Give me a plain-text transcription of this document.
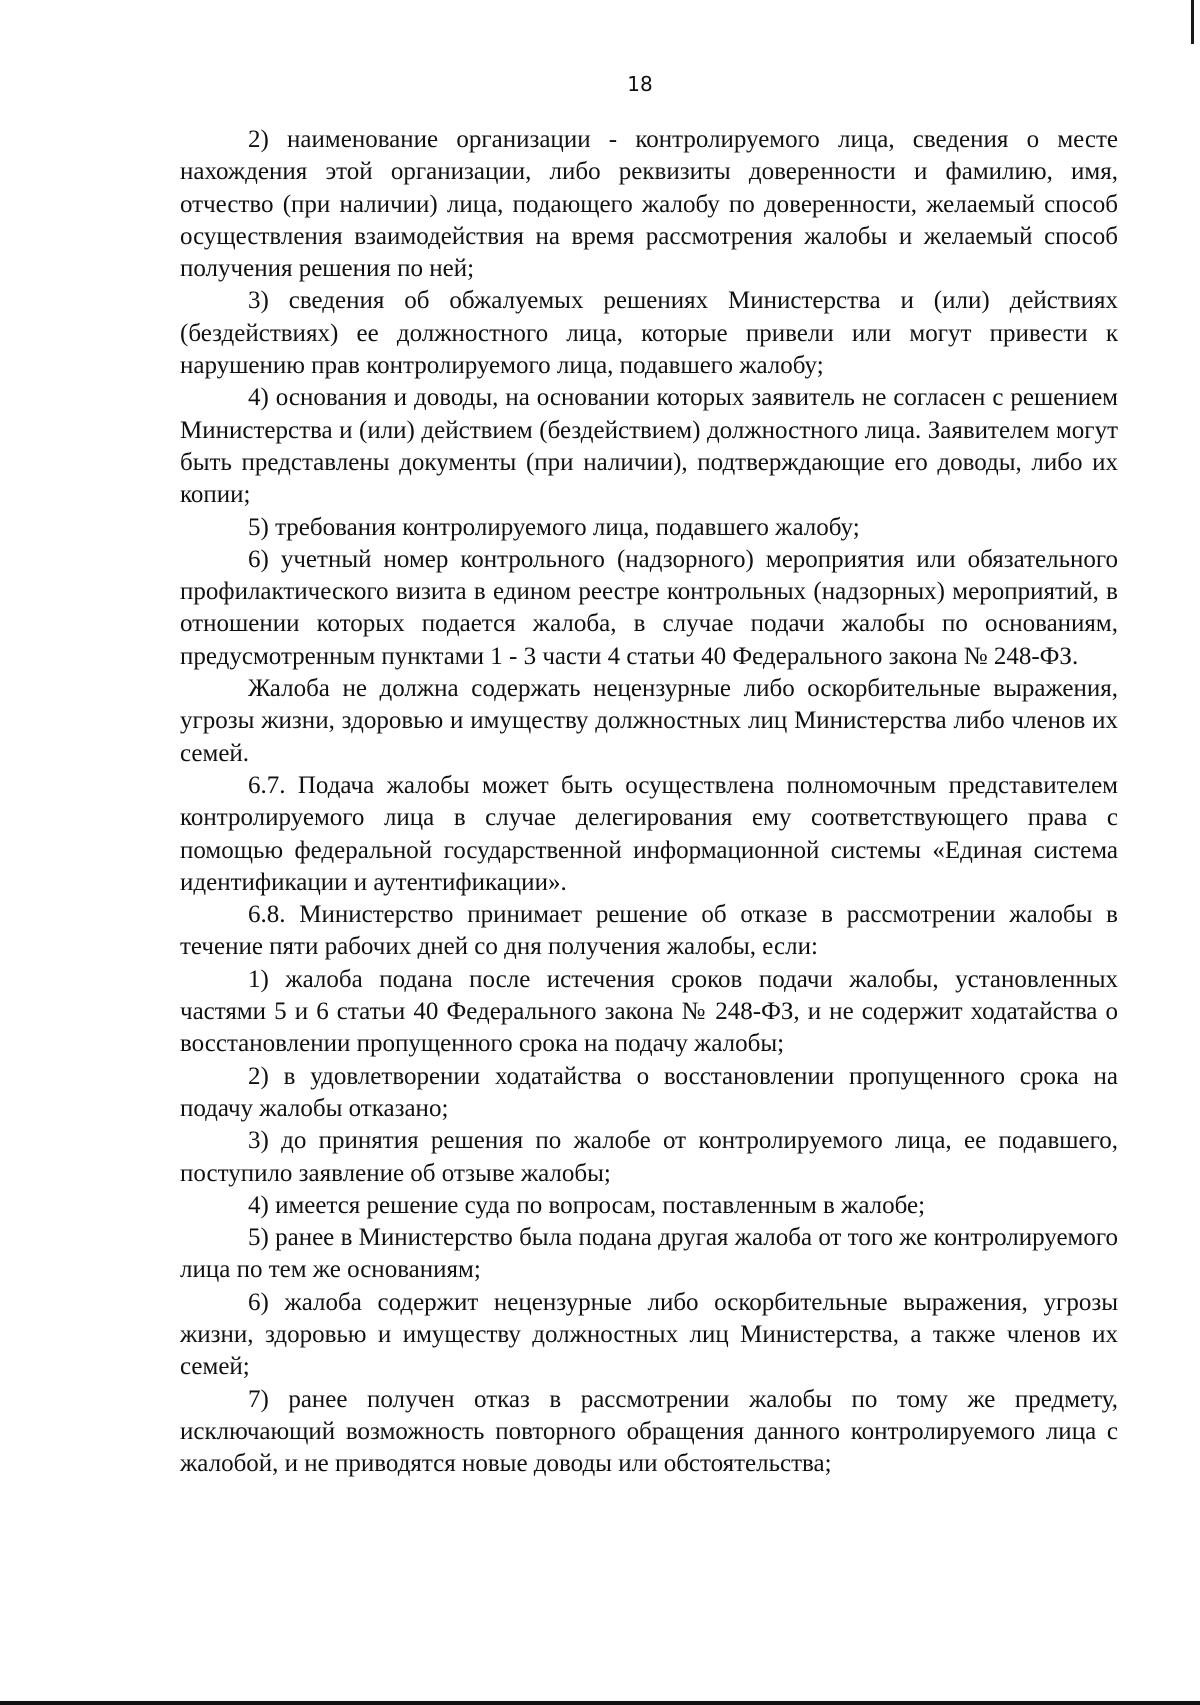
18

2) наименование организации - контролируемого лица, сведения о месте нахождения этой организации, либо реквизиты доверенности и фамилию, имя, отчество (при наличии) лица, подающего жалобу по доверенности, желаемый способ осуществления взаимодействия на время рассмотрения жалобы и желаемый способ получения решения по ней;

3) сведения об обжалуемых решениях Министерства и (или) действиях (бездействиях) ее должностного лица, которые привели или могут привести к нарушению прав контролируемого лица, подавшего жалобу;

4) основания и доводы, на основании которых заявитель не согласен с решением Министерства и (или) действием (бездействием) должностного лица. Заявителем могут быть представлены документы (при наличии), подтверждающие его доводы, либо их копии;

5) требования контролируемого лица, подавшего жалобу;

6) учетный номер контрольного (надзорного) мероприятия или обязательного профилактического визита в едином реестре контрольных (надзорных) мероприятий, в отношении которых подается жалоба, в случае подачи жалобы по основаниям, предусмотренным пунктами 1 - 3 части 4 статьи 40 Федерального закона № 248-ФЗ.

Жалоба не должна содержать нецензурные либо оскорбительные выражения, угрозы жизни, здоровью и имуществу должностных лиц Министерства либо членов их семей.

6.7. Подача жалобы может быть осуществлена полномочным представителем контролируемого лица в случае делегирования ему соответствующего права с помощью федеральной государственной информационной системы «Единая система идентификации и аутентификации».

6.8. Министерство принимает решение об отказе в рассмотрении жалобы в течение пяти рабочих дней со дня получения жалобы, если:

1) жалоба подана после истечения сроков подачи жалобы, установленных частями 5 и 6 статьи 40 Федерального закона № 248-ФЗ, и не содержит ходатайства о восстановлении пропущенного срока на подачу жалобы;

2) в удовлетворении ходатайства о восстановлении пропущенного срока на подачу жалобы отказано;

3) до принятия решения по жалобе от контролируемого лица, ее подавшего, поступило заявление об отзыве жалобы;

4) имеется решение суда по вопросам, поставленным в жалобе;

5) ранее в Министерство была подана другая жалоба от того же контролируемого лица по тем же основаниям;

6) жалоба содержит нецензурные либо оскорбительные выражения, угрозы жизни, здоровью и имуществу должностных лиц Министерства, а также членов их семей;

7) ранее получен отказ в рассмотрении жалобы по тому же предмету, исключающий возможность повторного обращения данного контролируемого лица с жалобой, и не приводятся новые доводы или обстоятельства;
